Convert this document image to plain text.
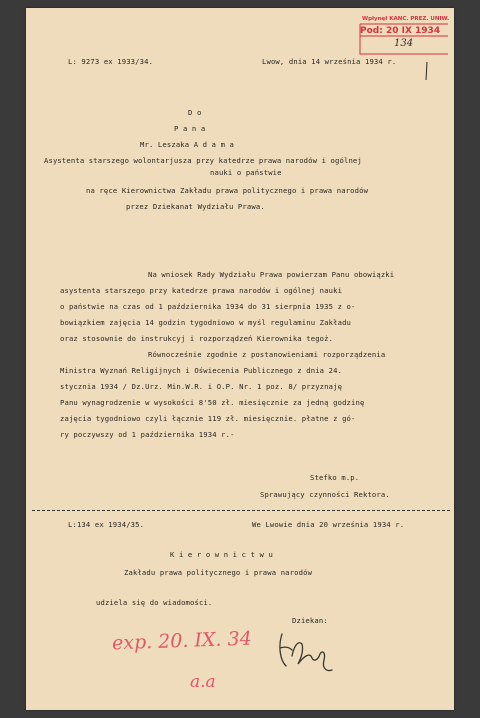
Wpłynęł KANC. PREZ. UNIW.
Pod: 20 IX 1934
134
L: 9273 ex 1933/34.	Lwow, dnia 14 września 1934 r.
D o
P a n a
Mr. Leszaka A d a m a
Asystenta starszego wolontarjusza przy katedrze prawa narodów i ogólnej
nauki o państwie
na ręce Kierownictwa Zakładu prawa politycznego i prawa narodów
przez Dziekanat Wydziału Prawa.
Na wniosek Rady Wydziału Prawa powierzam Panu obowiązki
asystenta starszego przy katedrze prawa narodów i ogólnej nauki
o państwie na czas od 1 października 1934 do 31 sierpnia 1935 z o-
bowiązkiem zajęcia 14 godzin tygodniowo w myśl regulaminu Zakładu
oraz stosownie do instrukcyj i rozporządzeń Kierownika tegoż.
Równocześnie zgodnie z postanowieniami rozporządzenia
Ministra Wyznań Religijnych i Oświecenia Publicznego z dnia 24.
stycznia 1934 / Dz.Urz. Min.W.R. i O.P. Nr. 1 poz. 8/ przyznaję
Panu wynagrodzenie w wysokości 8'50 zł. miesięcznie za jedną godzinę
zajęcia tygodniowo czyli łącznie 119 zł. miesięcznie. płatne z gó-
ry poczywszy od 1 października 1934 r.-
Stefko m.p.
Sprawujący czynności Rektora.
L:134 ex 1934/35.	We Lwowie dnia 20 września 1934 r.
K i e r o w n i c t w u
Zakładu prawa politycznego i prawa narodów
udziela się do wiadomości.
Dziekan:
exp. 20. IX. 34
a.a
